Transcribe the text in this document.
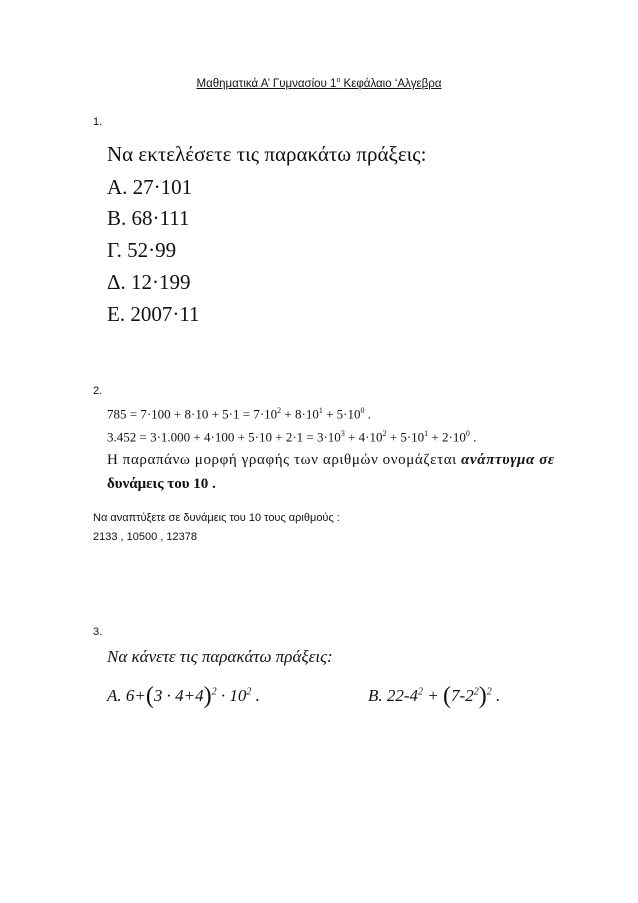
Μαθηματικά Α’ Γυμνασίου $1^o$ Κεφάλαιο ‘Αλγεβρα
1.
Να εκτελέσετε τις παρακάτω πράξεις:
Α. 27·101
Β. 68·111
Γ. 52·99
Δ. 12·199
Ε. 2007·11
2.
$785 = 7\cdot 100 + 8\cdot 10 + 5\cdot 1 = 7\cdot 10^2 + 8\cdot 10^1 + 5\cdot 10^0$ .
$3.452 = 3\cdot 1.000 + 4\cdot 100 + 5\cdot 10 + 2\cdot 1 = 3\cdot 10^3 + 4\cdot 10^2 + 5\cdot 10^1 + 2\cdot 10^0$ .
Η παραπάνω μορφή γραφής των αριθμών ονομάζεται ανάπτυγμα σε
δυνάμεις του 10 .
Να αναπτύξετε σε δυνάμεις του 10 τους αριθμούς :
2133 , 10500 , 12378
3.
Να κάνετε τις παρακάτω πράξεις:
Α. $6+(3 \cdot 4+4)^2 \cdot 10^2$ .	Β. $22-4^2 + (7-2^2)^2$ .
